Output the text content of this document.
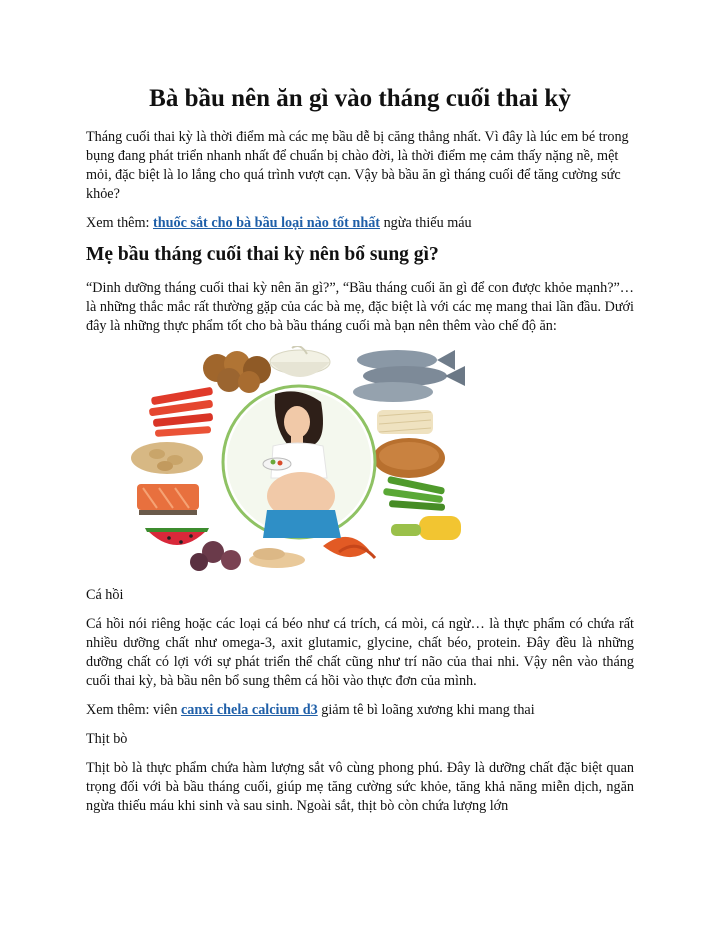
Bà bầu nên ăn gì vào tháng cuối thai kỳ

Tháng cuối thai kỳ là thời điểm mà các mẹ bầu dễ bị căng thẳng nhất. Vì đây là lúc em bé trong bụng đang phát triển nhanh nhất để chuẩn bị chào đời, là thời điểm mẹ cảm thấy nặng nề, mệt mỏi, đặc biệt là lo lắng cho quá trình vượt cạn. Vậy bà bầu ăn gì tháng cuối để tăng cường sức khỏe?

Xem thêm: thuốc sắt cho bà bầu loại nào tốt nhất ngừa thiếu máu

Mẹ bầu tháng cuối thai kỳ nên bổ sung gì?

“Dinh dưỡng tháng cuối thai kỳ nên ăn gì?”, “Bầu tháng cuối ăn gì để con được khỏe mạnh?”… là những thắc mắc rất thường gặp của các bà mẹ, đặc biệt là với các mẹ mang thai lần đầu. Dưới đây là những thực phẩm tốt cho bà bầu tháng cuối mà bạn nên thêm vào chế độ ăn:

Cá hồi

Cá hồi nói riêng hoặc các loại cá béo như cá trích, cá mòi, cá ngừ… là thực phẩm có chứa rất nhiều dưỡng chất như omega-3, axit glutamic, glycine, chất béo, protein. Đây đều là những dưỡng chất có lợi với sự phát triển thể chất cũng như trí não của thai nhi. Vậy nên vào tháng cuối thai kỳ, bà bầu nên bổ sung thêm cá hồi vào thực đơn của mình.

Xem thêm: viên canxi chela calcium d3 giảm tê bì loãng xương khi mang thai

Thịt bò

Thịt bò là thực phẩm chứa hàm lượng sắt vô cùng phong phú. Đây là dưỡng chất đặc biệt quan trọng đối với bà bầu tháng cuối, giúp mẹ tăng cường sức khỏe, tăng khả năng miễn dịch, ngăn ngừa thiếu máu khi sinh và sau sinh. Ngoài sắt, thịt bò còn chứa lượng lớn
